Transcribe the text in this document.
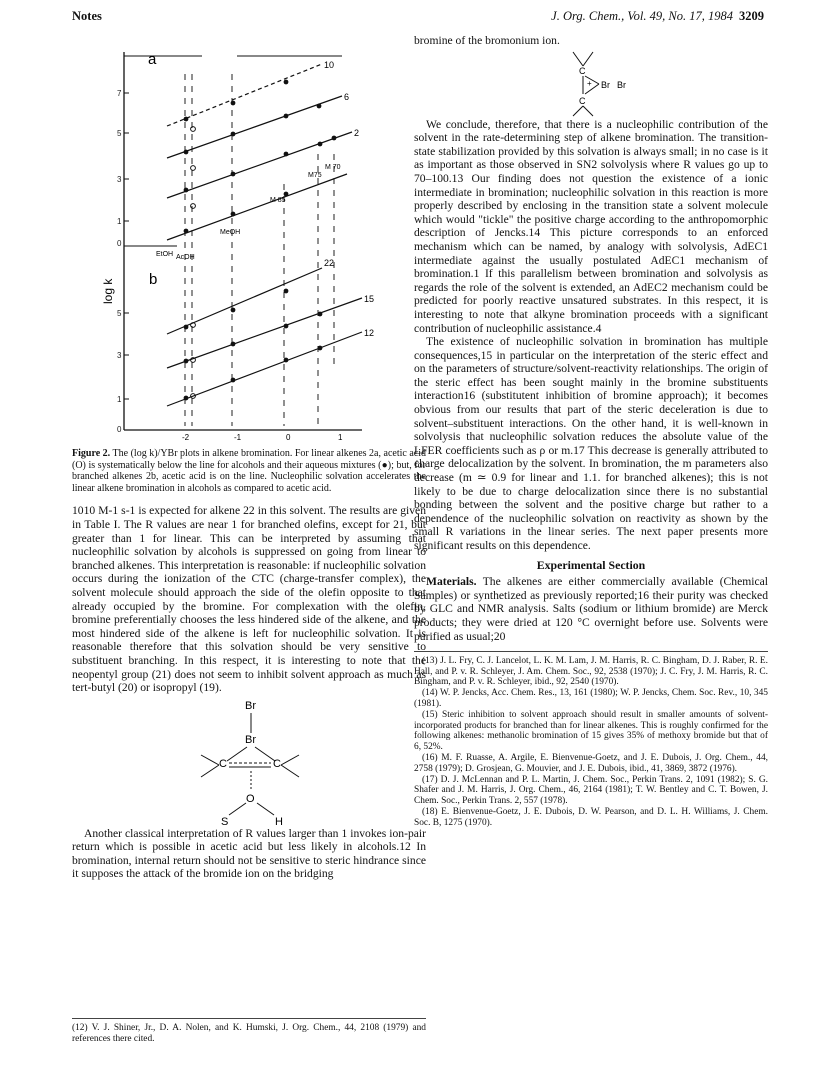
Notes	J. Org. Chem., Vol. 49, No. 17, 1984 3209
a
b
7
5
3
1
0
5
3
1
0
log k
-2	-1	0	1
10
6
2
22
15
12
EtOH AcOH
MeOH
M 85
M75
M 70
Figure 2. The (log k)/YBr plots in alkene bromination. For linear alkenes 2a, acetic acid (O) is systematically below the line for alcohols and their aqueous mixtures (●); but, for branched alkenes 2b, acetic acid is on the line. Nucleophilic solvation accelerates the linear alkene bromination in alcohols as compared to acetic acid.

1010 M-1 s-1 is expected for alkene 22 in this solvent. The results are given in Table I. The R values are near 1 for branched olefins, except for 21, but greater than 1 for linear. This can be interpreted by assuming that nucleophilic solvation by alcohols is suppressed on going from linear to branched alkenes. This interpretation is reasonable: if nucleophilic solvation occurs during the ionization of the CTC (charge-transfer complex), the solvent molecule should approach the side of the olefin opposite to that already occupied by the bromine. For complexation with the olefin, bromine preferentially chooses the less hindered side of the alkene, and the most hindered side of the alkene is left for nucleophilic solvation. It is reasonable therefore that this solvation should be very sensitive to substituent branching. In this respect, it is interesting to note that the neopentyl group (21) does not seem to inhibit solvent approach as much as tert-butyl (20) or isopropyl (19).

Br
Br
C	C
O
S	H

Another classical interpretation of R values larger than 1 invokes ion-pair return which is possible in acetic acid but less likely in alcohols.12 In bromination, internal return should not be sensitive to steric hindrance since it supposes the attack of the bromide ion on the bridging

(12) V. J. Shiner, Jr., D. A. Nolen, and K. Humski, J. Org. Chem., 44, 2108 (1979) and references there cited.

bromine of the bromonium ion.

C
+ Br Br
C

We conclude, therefore, that there is a nucleophilic contribution of the solvent in the rate-determining step of alkene bromination. The transition-state stabilization provided by this solvation is always small; in no case is it as important as those observed in SN2 solvolysis where R values go up to 70–100.13 Our finding does not question the existence of a ionic intermediate in bromination; nucleophilic solvation in this reaction is more properly described by enclosing in the transition state a solvent molecule which would "tickle" the positive charge according to the anthropomorphic description of Jencks.14 This picture corresponds to an enforced mechanism which can be named, by analogy with solvolysis, AdEC1 intermediate against the usually postulated AdEC1 mechanism of bromination.1 If this parallelism between bromination and solvolysis as regards the role of the solvent is extended, an AdEC2 mechanism could be predicted for poorly reactive unsatured substrates. In this respect, it is interesting to note that alkyne bromination proceeds with a significant contribution of nucleophilic assistance.4

The existence of nucleophilic solvation in bromination has multiple consequences,15 in particular on the interpretation of the steric effect and on the parameters of structure/solvent-reactivity relationships. The origin of the steric effect has been sought mainly in the bromine substituents interaction16 (substitutent inhibition of bromine approach); it becomes obvious from our results that part of the steric deceleration is due to solvent–substituent interactions. On the other hand, it is well-known in solvolysis that nucleophilic solvation reduces the absolute value of the LFER coefficients such as ρ or m.17 This decrease is generally attributed to charge delocalization by the solvent. In bromination, the m parameters also decrease (m ≃ 0.9 for linear and 1.1. for branched alkenes); this is not likely to be due to charge delocalization since there is no substantial bonding between the solvent and the positive charge but rather to a dependence of the nucleophilic solvation on reactivity as shown by the small R variations in the linear series. The next paper presents more significant results on this dependence.

Experimental Section

Materials. The alkenes are either commercially available (Chemical Samples) or synthetized as previously reported;16 their purity was checked by GLC and NMR analysis. Salts (sodium or lithium bromide) are Merck products; they were dried at 120 °C overnight before use. Solvents were purified as usual;20

(13) J. L. Fry, C. J. Lancelot, L. K. M. Lam, J. M. Harris, R. C. Bingham, D. J. Raber, R. E. Hall, and P. v. R. Schleyer, J. Am. Chem. Soc., 92, 2538 (1970); J. C. Fry, J. M. Harris, R. C. Bingham, and P. v. R. Schleyer, ibid., 92, 2540 (1970).
(14) W. P. Jencks, Acc. Chem. Res., 13, 161 (1980); W. P. Jencks, Chem. Soc. Rev., 10, 345 (1981).
(15) Steric inhibition to solvent approach should result in smaller amounts of solvent-incorporated products for branched than for linear alkenes. This is roughly confirmed for the following alkenes: methanolic bromination of 15 gives 35% of methoxy bromide but that of 6, 52%.
(16) M. F. Ruasse, A. Argile, E. Bienvenue-Goetz, and J. E. Dubois, J. Org. Chem., 44, 2758 (1979); D. Grosjean, G. Mouvier, and J. E. Dubois, ibid., 41, 3869, 3872 (1976).
(17) D. J. McLennan and P. L. Martin, J. Chem. Soc., Perkin Trans. 2, 1091 (1982); S. G. Shafer and J. M. Harris, J. Org. Chem., 46, 2164 (1981); T. W. Bentley and C. T. Bowen, J. Chem. Soc., Perkin Trans. 2, 557 (1978).
(18) E. Bienvenue-Goetz, J. E. Dubois, D. W. Pearson, and D. L. H. Williams, J. Chem. Soc. B, 1275 (1970).
